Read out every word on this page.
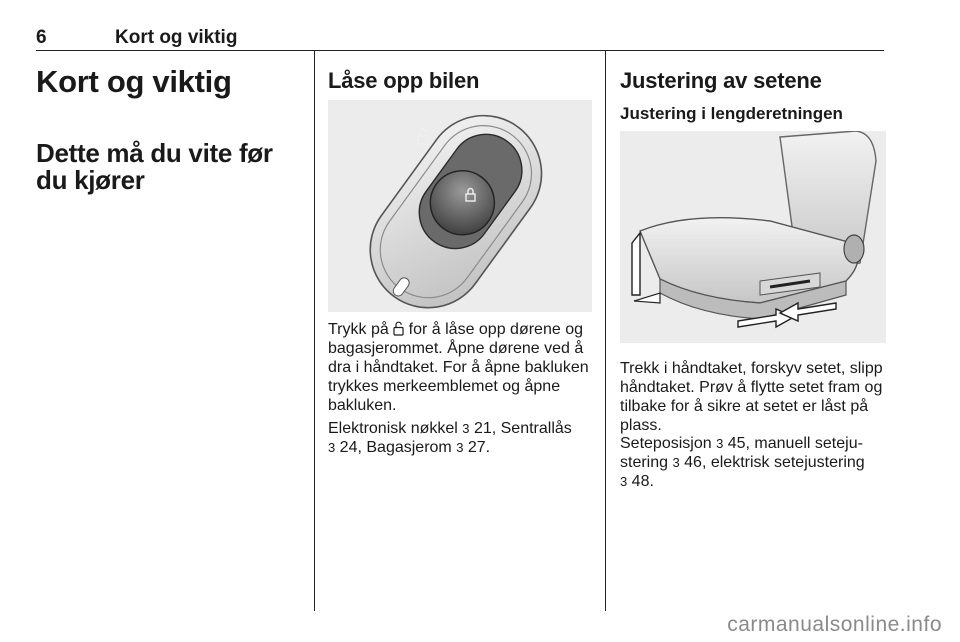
6	Kort og viktig
Kort og viktig
Dette må du vite før du kjører
Låse opp bilen

Trykk på  for å låse opp dørene og bagasjerommet. Åpne dørene ved å dra i håndtaket. For å åpne bakluken trykkes merkeemblemet og åpne bakluken.

Elektronisk nøkkel 3 21, Sentrallås
3 24, Bagasjerom 3 27.

Justering av setene
Justering i lengderetningen

Trekk i håndtaket, forskyv setet, slipp håndtaket. Prøv å flytte setet fram og tilbake for å sikre at setet er låst på plass.

Seteposisjon 3 45, manuell seteju- stering 3 46, elektrisk setejustering
3 48.

carmanualsonline.info
